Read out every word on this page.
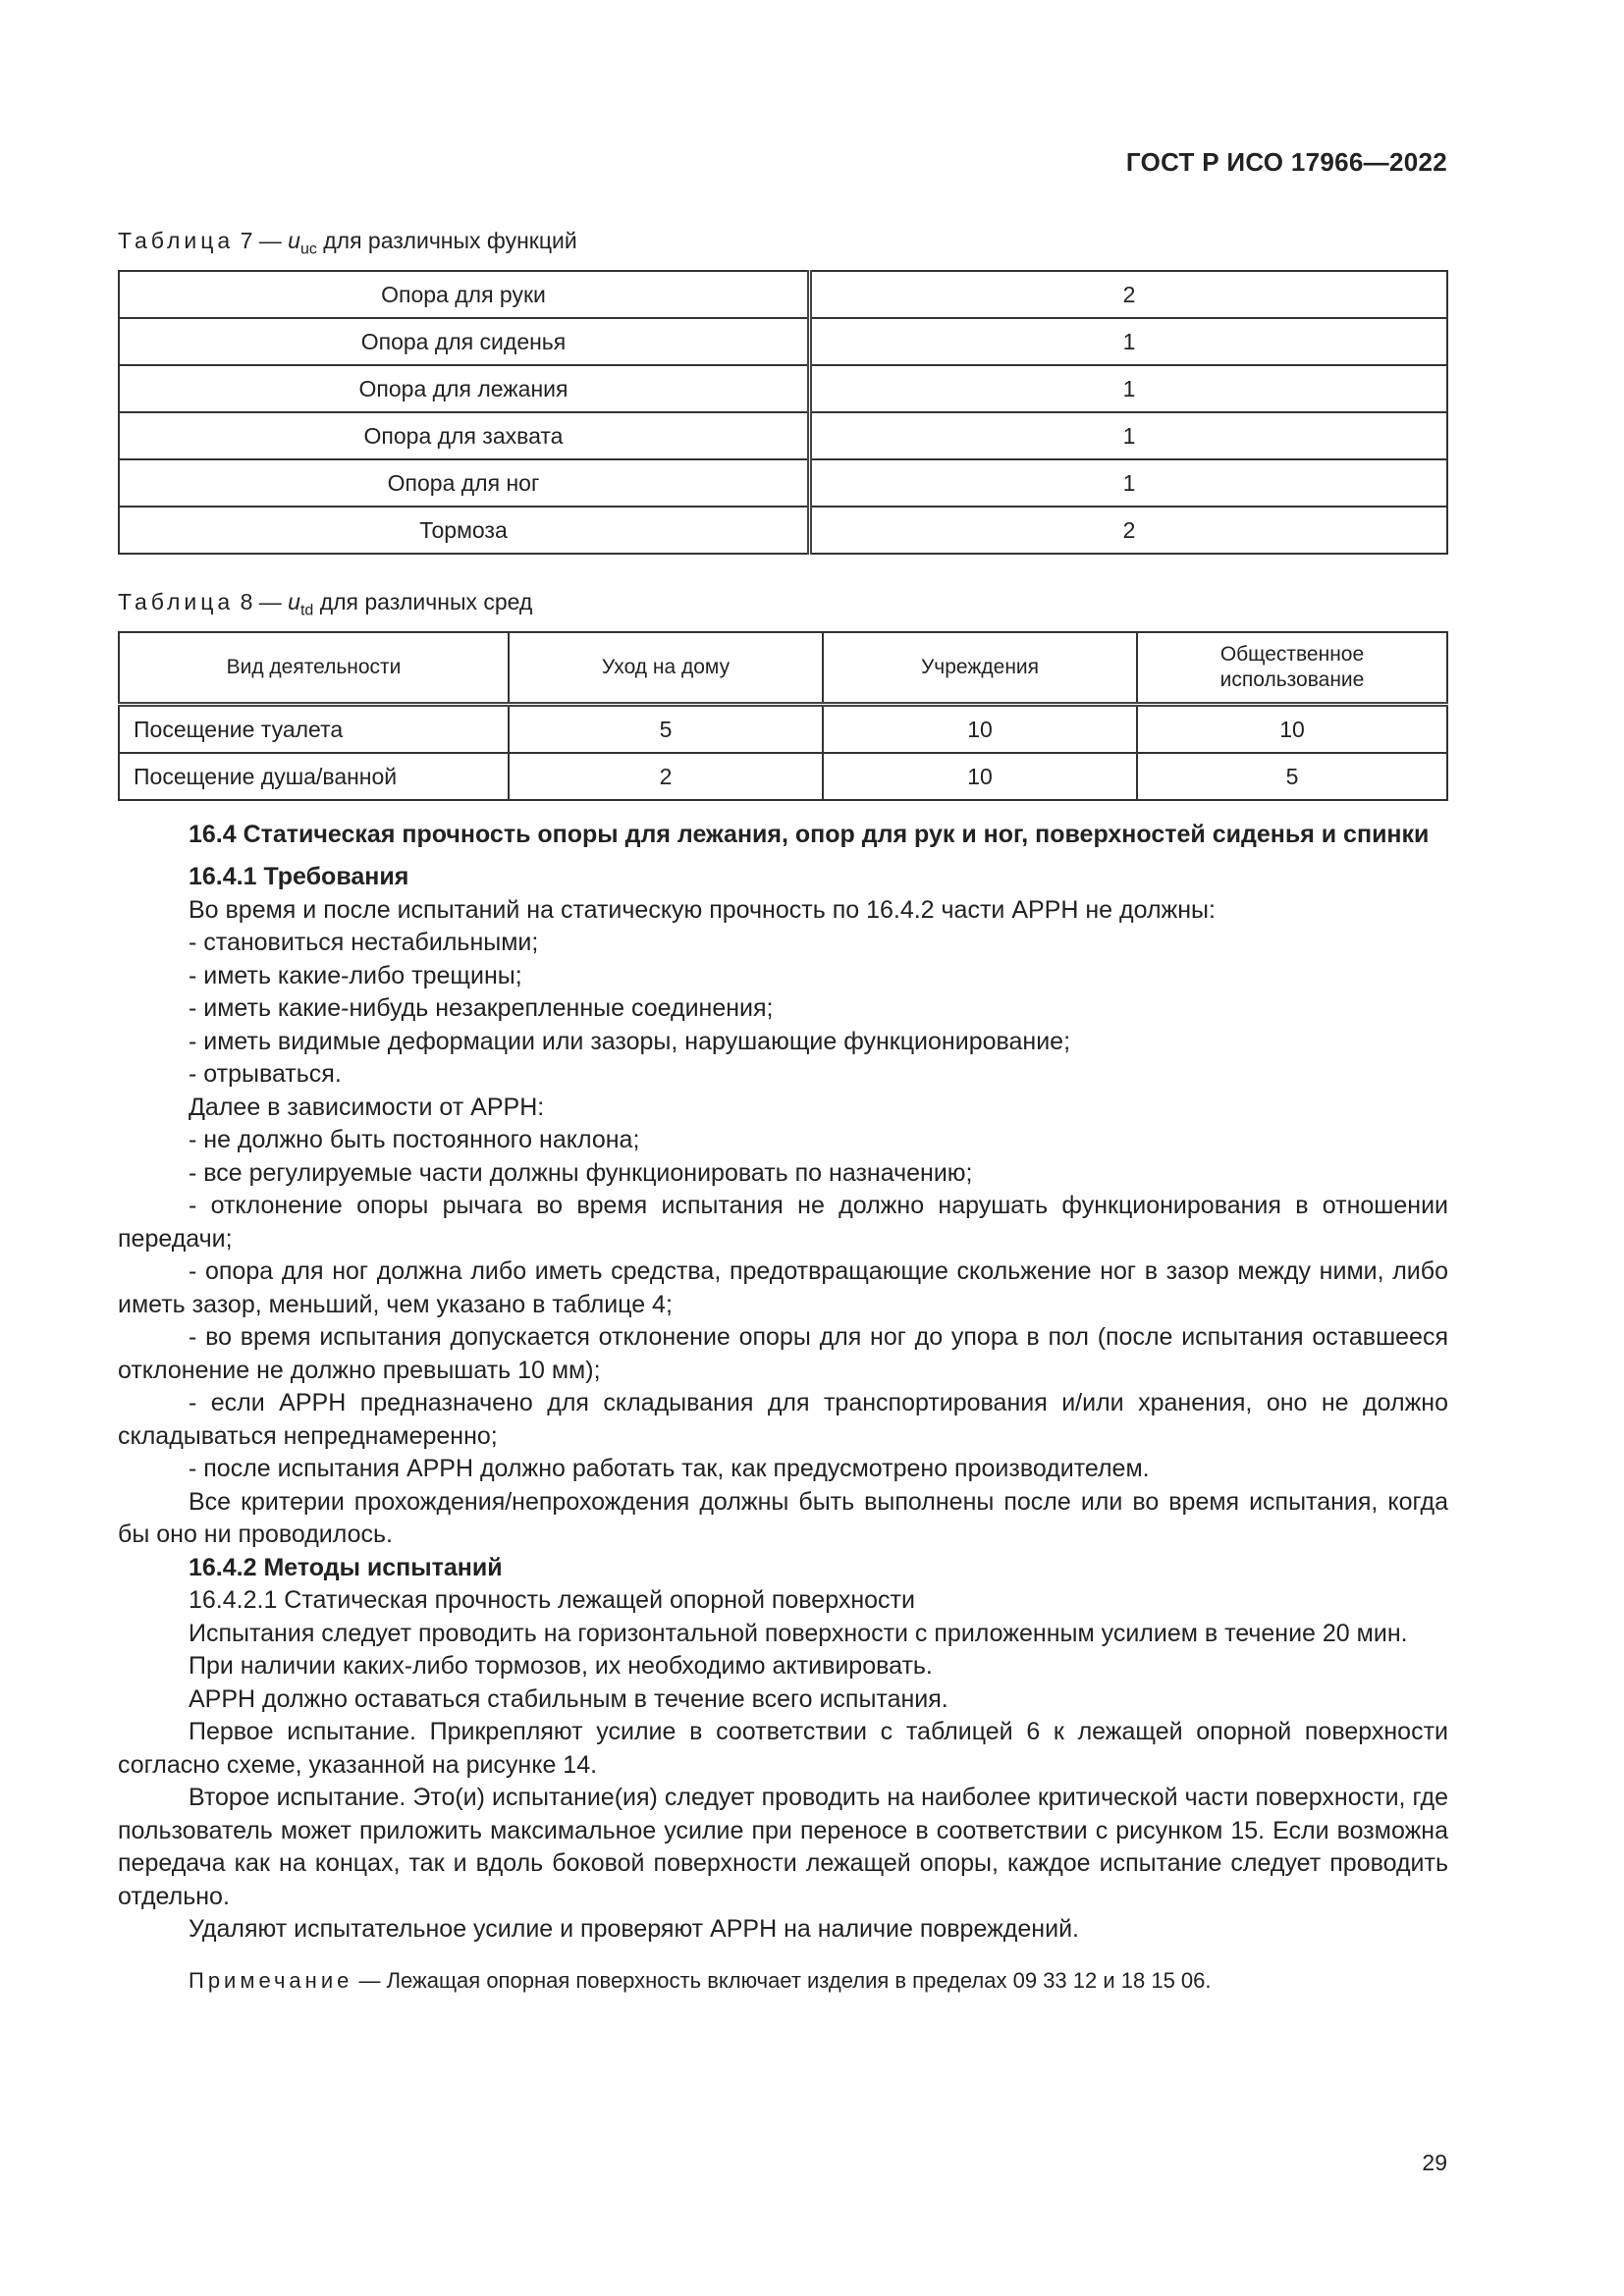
ГОСТ Р ИСО 17966—2022
Таблица 7 — $u_{uc}$ для различных функций
Опора для руки	2
Опора для сиденья	1
Опора для лежания	1
Опора для захвата	1
Опора для ног	1
Тормоза	2
Таблица 8 — $u_{td}$ для различных сред
Вид деятельности	Уход на дому	Учреждения	Общественное
использование
Посещение туалета	5	10	10
Посещение душа/ванной	2	10	5

16.4 Статическая прочность опоры для лежания, опор для рук и ног, поверхностей сиденья и спинки

16.4.1 Требования

Во время и после испытаний на статическую прочность по 16.4.2 части APPH не должны:

- становиться нестабильными;

- иметь какие-либо трещины;

- иметь какие-нибудь незакрепленные соединения;

- иметь видимые деформации или зазоры, нарушающие функционирование;

- отрываться.

Далее в зависимости от APPH:

- не должно быть постоянного наклона;

- все регулируемые части должны функционировать по назначению;

- отклонение опоры рычага во время испытания не должно нарушать функционирования в отношении передачи;

- опора для ног должна либо иметь средства, предотвращающие скольжение ног в зазор между ними, либо иметь зазор, меньший, чем указано в таблице 4;

- во время испытания допускается отклонение опоры для ног до упора в пол (после испытания оставшееся отклонение не должно превышать 10 мм);

- если APPH предназначено для складывания для транспортирования и/или хранения, оно не должно складываться непреднамеренно;

- после испытания APPH должно работать так, как предусмотрено производителем.

Все критерии прохождения/непрохождения должны быть выполнены после или во время испытания, когда бы оно ни проводилось.

16.4.2 Методы испытаний

16.4.2.1 Статическая прочность лежащей опорной поверхности

Испытания следует проводить на горизонтальной поверхности с приложенным усилием в течение 20 мин.

При наличии каких-либо тормозов, их необходимо активировать.

APPH должно оставаться стабильным в течение всего испытания.

Первое испытание. Прикрепляют усилие в соответствии с таблицей 6 к лежащей опорной поверхности согласно схеме, указанной на рисунке 14.

Второе испытание. Это(и) испытание(ия) следует проводить на наиболее критической части поверхности, где пользователь может приложить максимальное усилие при переносе в соответствии с рисунком 15. Если возможна передача как на концах, так и вдоль боковой поверхности лежащей опоры, каждое испытание следует проводить отдельно.

Удаляют испытательное усилие и проверяют APPH на наличие повреждений.

Примечание — Лежащая опорная поверхность включает изделия в пределах 09 33 12 и 18 15 06.

29
